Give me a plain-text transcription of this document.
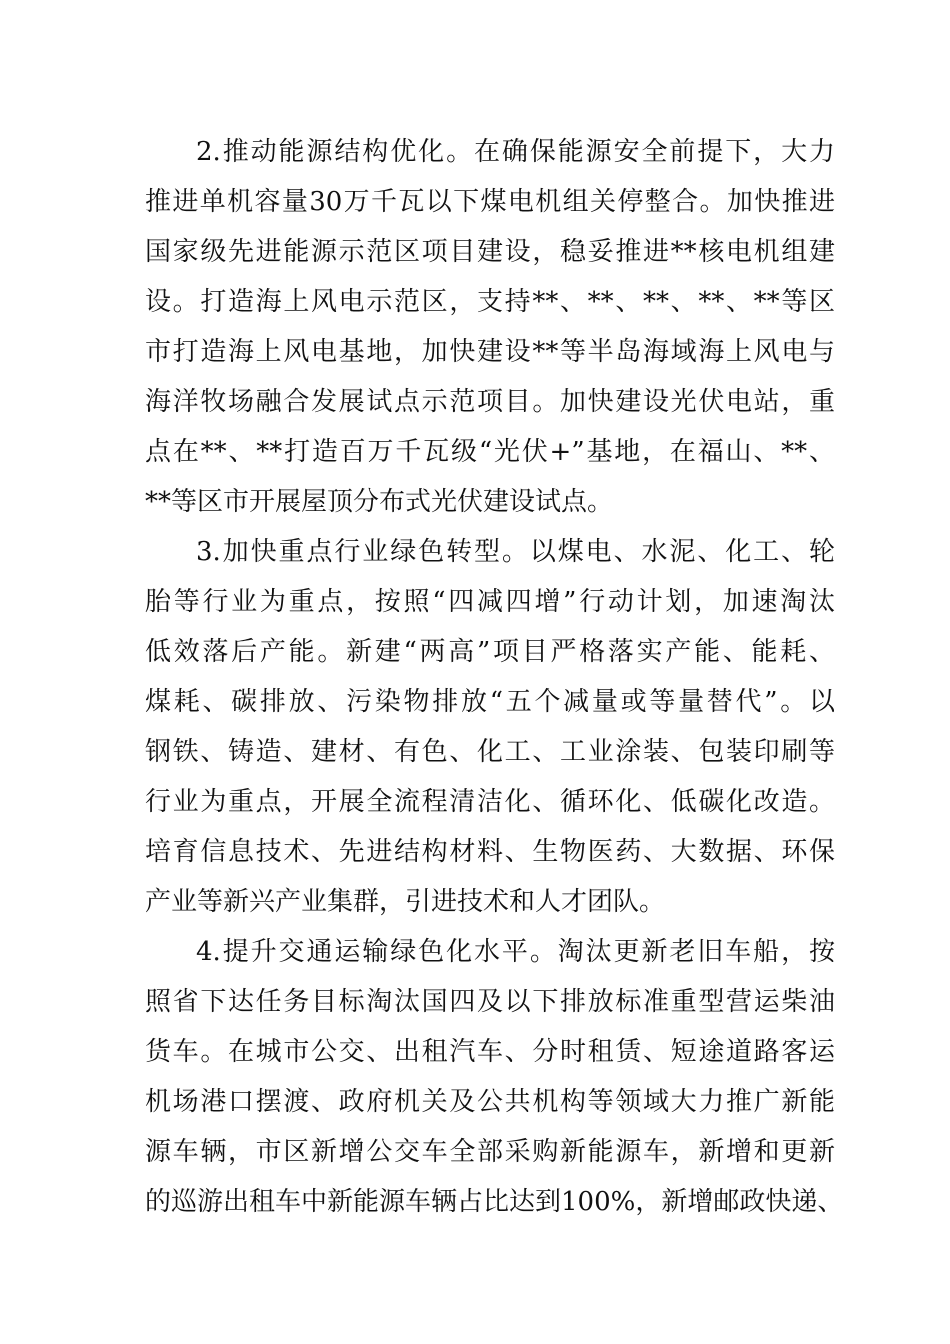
2.推动能源结构优化。在确保能源安全前提下，大力
推进单机容量30万千瓦以下煤电机组关停整合。加快推进
国家级先进能源示范区项目建设，稳妥推进**核电机组建
设。打造海上风电示范区，支持**、**、**、**、**等区
市打造海上风电基地，加快建设**等半岛海域海上风电与
海洋牧场融合发展试点示范项目。加快建设光伏电站，重
点在**、**打造百万千瓦级“光伏+”基地，在福山、**、
**等区市开展屋顶分布式光伏建设试点。
3.加快重点行业绿色转型。以煤电、水泥、化工、轮
胎等行业为重点，按照“四减四增”行动计划，加速淘汰
低效落后产能。新建“两高”项目严格落实产能、能耗、
煤耗、碳排放、污染物排放“五个减量或等量替代”。以
钢铁、铸造、建材、有色、化工、工业涂装、包装印刷等
行业为重点，开展全流程清洁化、循环化、低碳化改造。
培育信息技术、先进结构材料、生物医药、大数据、环保
产业等新兴产业集群，引进技术和人才团队。
4.提升交通运输绿色化水平。淘汰更新老旧车船，按
照省下达任务目标淘汰国四及以下排放标准重型营运柴油
货车。在城市公交、出租汽车、分时租赁、短途道路客运
机场港口摆渡、政府机关及公共机构等领域大力推广新能
源车辆，市区新增公交车全部采购新能源车，新增和更新
的巡游出租车中新能源车辆占比达到100%，新增邮政快递、
